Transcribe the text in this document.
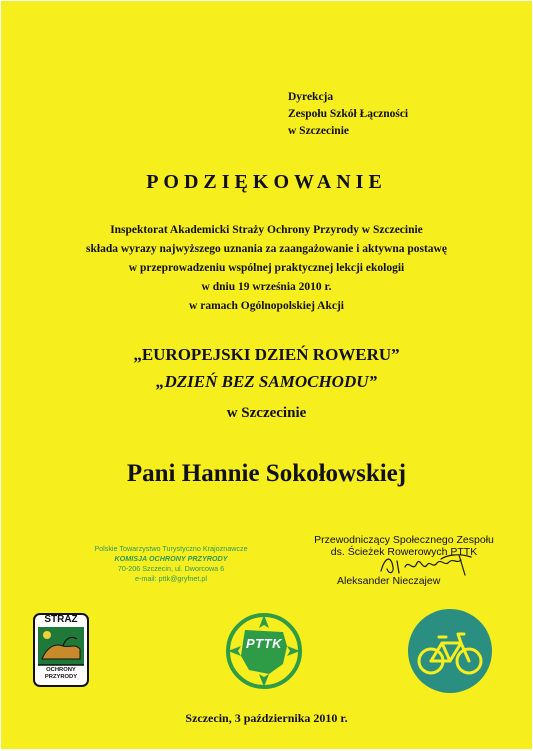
Dyrekcja
Zespołu Szkół Łączności
w Szczecinie
PODZIĘKOWANIE
Inspektorat Akademicki Straży Ochrony Przyrody w Szczecinie
składa wyrazy najwyższego uznania za zaangażowanie i aktywna postawę
w przeprowadzeniu wspólnej praktycznej lekcji ekologii
w dniu 19 września 2010 r.
w ramach Ogólnopolskiej Akcji
„EUROPEJSKI DZIEŃ ROWERU”
„DZIEŃ BEZ SAMOCHODU”
w Szczecinie
Pani Hannie Sokołowskiej
Polskie Towarzystwo Turystyczno Krajoznawcze
KOMISJA OCHRONY PRZYRODY
70-206 Szczecin, ul. Dworcowa 6
e-mail: pttk@gryfnet.pl
Przewodniczący Społecznego Zespołu
ds. Ścieżek Rowerowych PTTK
Aleksander Nieczajew
STRAŻ
OCHRONY
PRZYRODY
PTTK
Szczecin, 3 października 2010 r.
